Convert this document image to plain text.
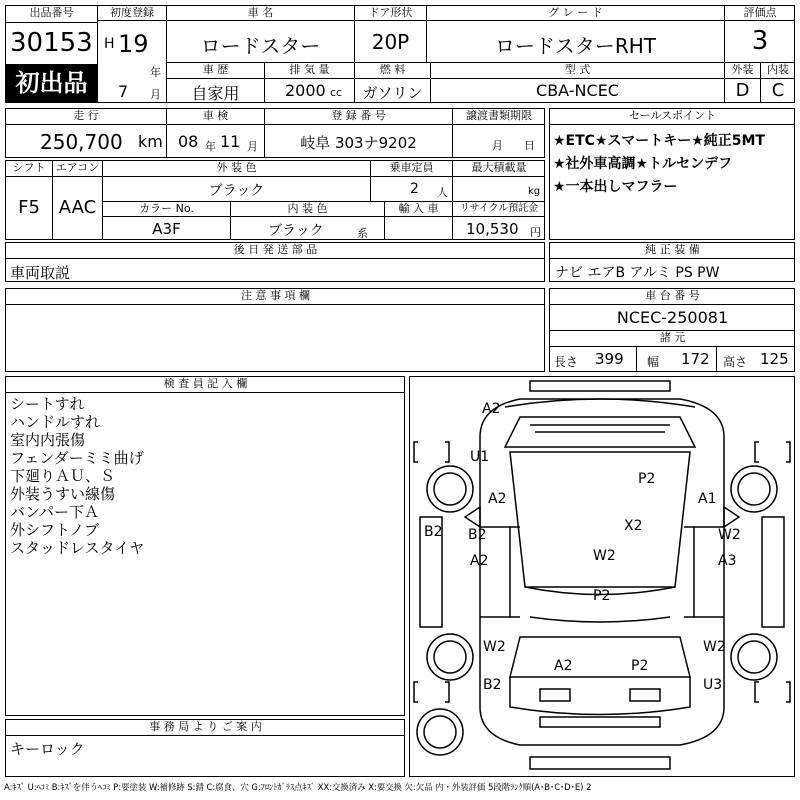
出品番号
30153
初出品
初度登録
H 19
年
7 月
車 名
ロードスター
ドア形状
20P
グ レ ー ド
ロードスターRHT
評価点
3
車 歴
自家用
排 気 量
2000 cc
燃 料
ガソリン
型 式
CBA-NCEC
外装	内装
D	C
走 行
250,700 km
車 検
08 年 11 月
登 録 番 号
岐阜 303ナ9202
譲渡書類期限
月 日
セールスポイント
★ETC★スマートキー★純正5MT
★社外車高調★トルセンデフ
★一本出しマフラー
シフト
F5
エアコン
AAC
外 装 色
ブラック
乗車定員
2 人
最大積載量
kg
カラー No.
A3F
内 装 色
ブラック	系
輸 入 車	リサイクル預託金
10,530 円
後 日 発 送 部 品
車両取説
純 正 装 備
ナビ エアB アルミ PS PW
注 意 事 項 欄	車 台 番 号
NCEC-250081
諸 元
長さ 399 幅 172 高さ 125
検 査 員 記 入 欄
シートすれ
ハンドルすれ
室内内張傷
フェンダーミミ曲げ
下廻りＡＵ、Ｓ
外装うすい線傷
バンパー下Ａ
外シフトノブ
スタッドレスタイヤ
事 務 局 よ り ご 案 内
キーロック
A2
U1
A2
P2
A1
X2
B2 B2	W2
A2	W2	A3
P2
W2	W2
A2	P2
B2	U3
A:ｷｽﾞ U:ﾍｺﾐ B:ｷｽﾞを伴うﾍｺﾐ P:要塗装 W:補修跡 S:錆 C:腐食、穴 G:ﾌﾛﾝﾄｶﾞﾗｽ点ｷｽﾞ XX:交換済み X:要交換 欠:欠品 内・外装評価 5段階ﾗﾝｸ順(A･B･C･D･E) 2
